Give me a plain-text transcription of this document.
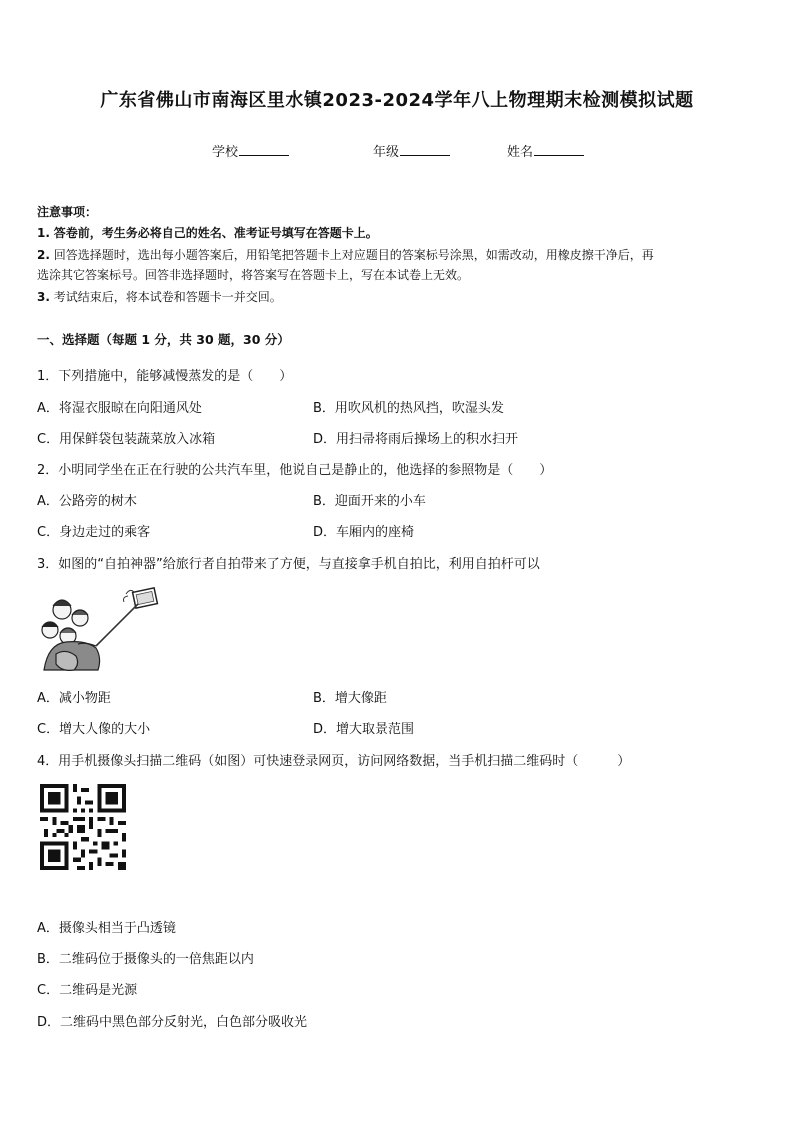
广东省佛山市南海区里水镇2023-2024学年八上物理期末检测模拟试题
学校	年级	姓名
注意事项：
1. 答卷前，考生务必将自己的姓名、准考证号填写在答题卡上。
2. 回答选择题时，选出每小题答案后，用铅笔把答题卡上对应题目的答案标号涂黑，如需改动，用橡皮擦干净后，再
选涂其它答案标号。回答非选择题时，将答案写在答题卡上，写在本试卷上无效。
3. 考试结束后，将本试卷和答题卡一并交回。
一、选择题（每题 1 分，共 30 题，30 分）
1．下列措施中，能够减慢蒸发的是（　　）
A．将湿衣服晾在向阳通风处	B．用吹风机的热风挡，吹湿头发
C．用保鲜袋包装蔬菜放入冰箱	D．用扫帚将雨后操场上的积水扫开
2．小明同学坐在正在行驶的公共汽车里，他说自己是静止的，他选择的参照物是（　　）
A．公路旁的树木	B．迎面开来的小车
C．身边走过的乘客	D．车厢内的座椅
3．如图的“自拍神器”给旅行者自拍带来了方便，与直接拿手机自拍比，利用自拍杆可以
A．减小物距	B．增大像距
C．增大人像的大小	D．增大取景范围
4．用手机摄像头扫描二维码（如图）可快速登录网页，访问网络数据，当手机扫描二维码时（　　　）
A．摄像头相当于凸透镜
B．二维码位于摄像头的一倍焦距以内
C．二维码是光源
D．二维码中黑色部分反射光，白色部分吸收光
